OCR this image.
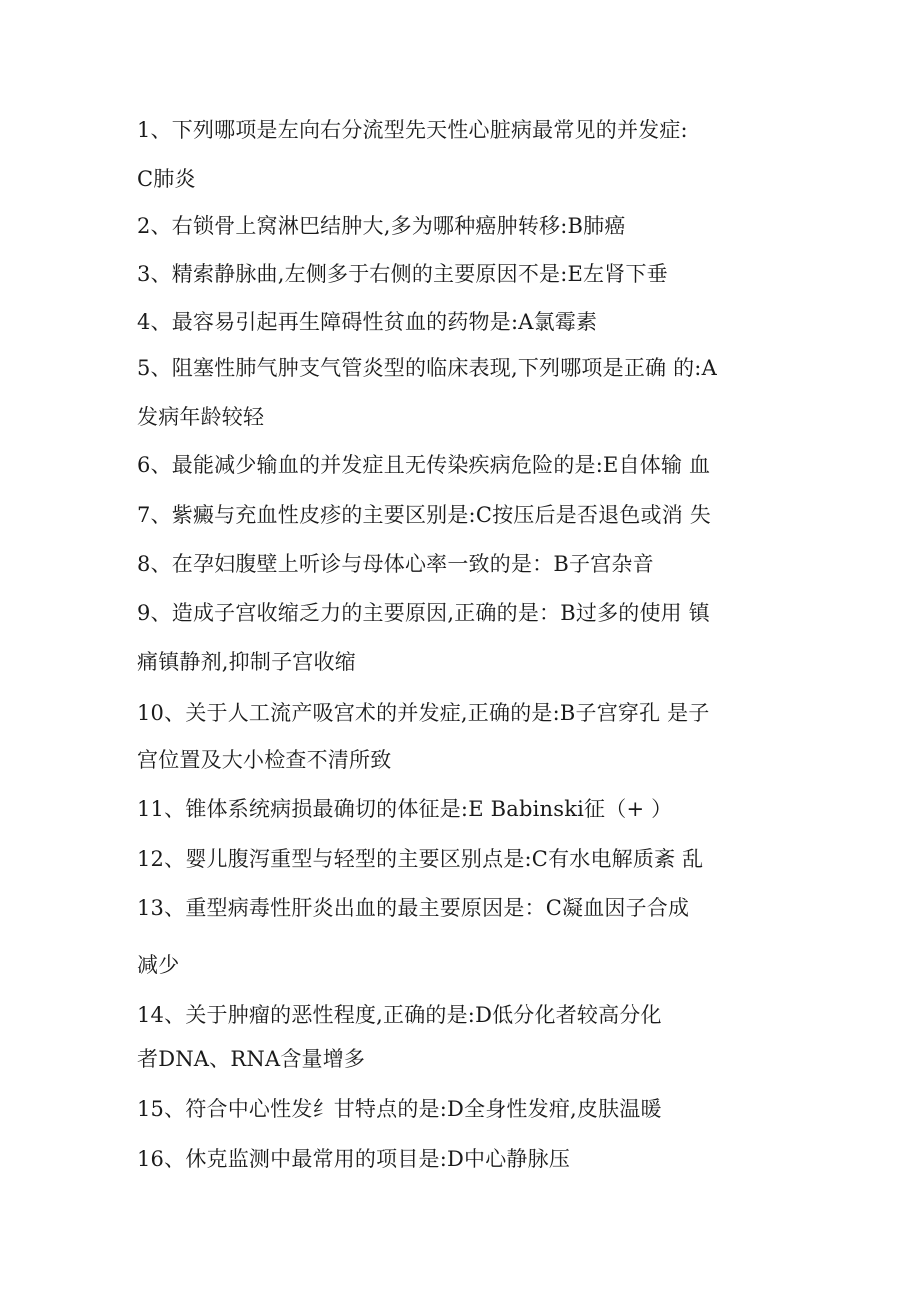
1、下列哪项是左向右分流型先天性心脏病最常见的并发症:
C肺炎
2、右锁骨上窝淋巴结肿大,多为哪种癌肿转移:B肺癌
3、精索静脉曲,左侧多于右侧的主要原因不是:E左肾下垂
4、最容易引起再生障碍性贫血的药物是:A氯霉素
5、阻塞性肺气肿支气管炎型的临床表现,下列哪项是正确 的:A
发病年龄较轻
6、最能减少输血的并发症且无传染疾病危险的是:E自体输 血
7、紫癜与充血性皮疹的主要区别是:C按压后是否退色或消 失
8、在孕妇腹壁上听诊与母体心率一致的是：B子宫杂音
9、造成子宫收缩乏力的主要原因,正确的是：B过多的使用 镇
痛镇静剂,抑制子宫收缩
10、关于人工流产吸宫术的并发症,正确的是:B子宫穿孔 是子
宫位置及大小检查不清所致
11、锥体系统病损最确切的体征是:E Babinski征（+ ）
12、婴儿腹泻重型与轻型的主要区别点是:C有水电解质紊 乱
13、重型病毒性肝炎出血的最主要原因是：C凝血因子合成
减少
14、关于肿瘤的恶性程度,正确的是:D低分化者较高分化
者DNA、RNA含量增多
15、符合中心性发纟甘特点的是:D全身性发疳,皮肤温暖
16、休克监测中最常用的项目是:D中心静脉压
